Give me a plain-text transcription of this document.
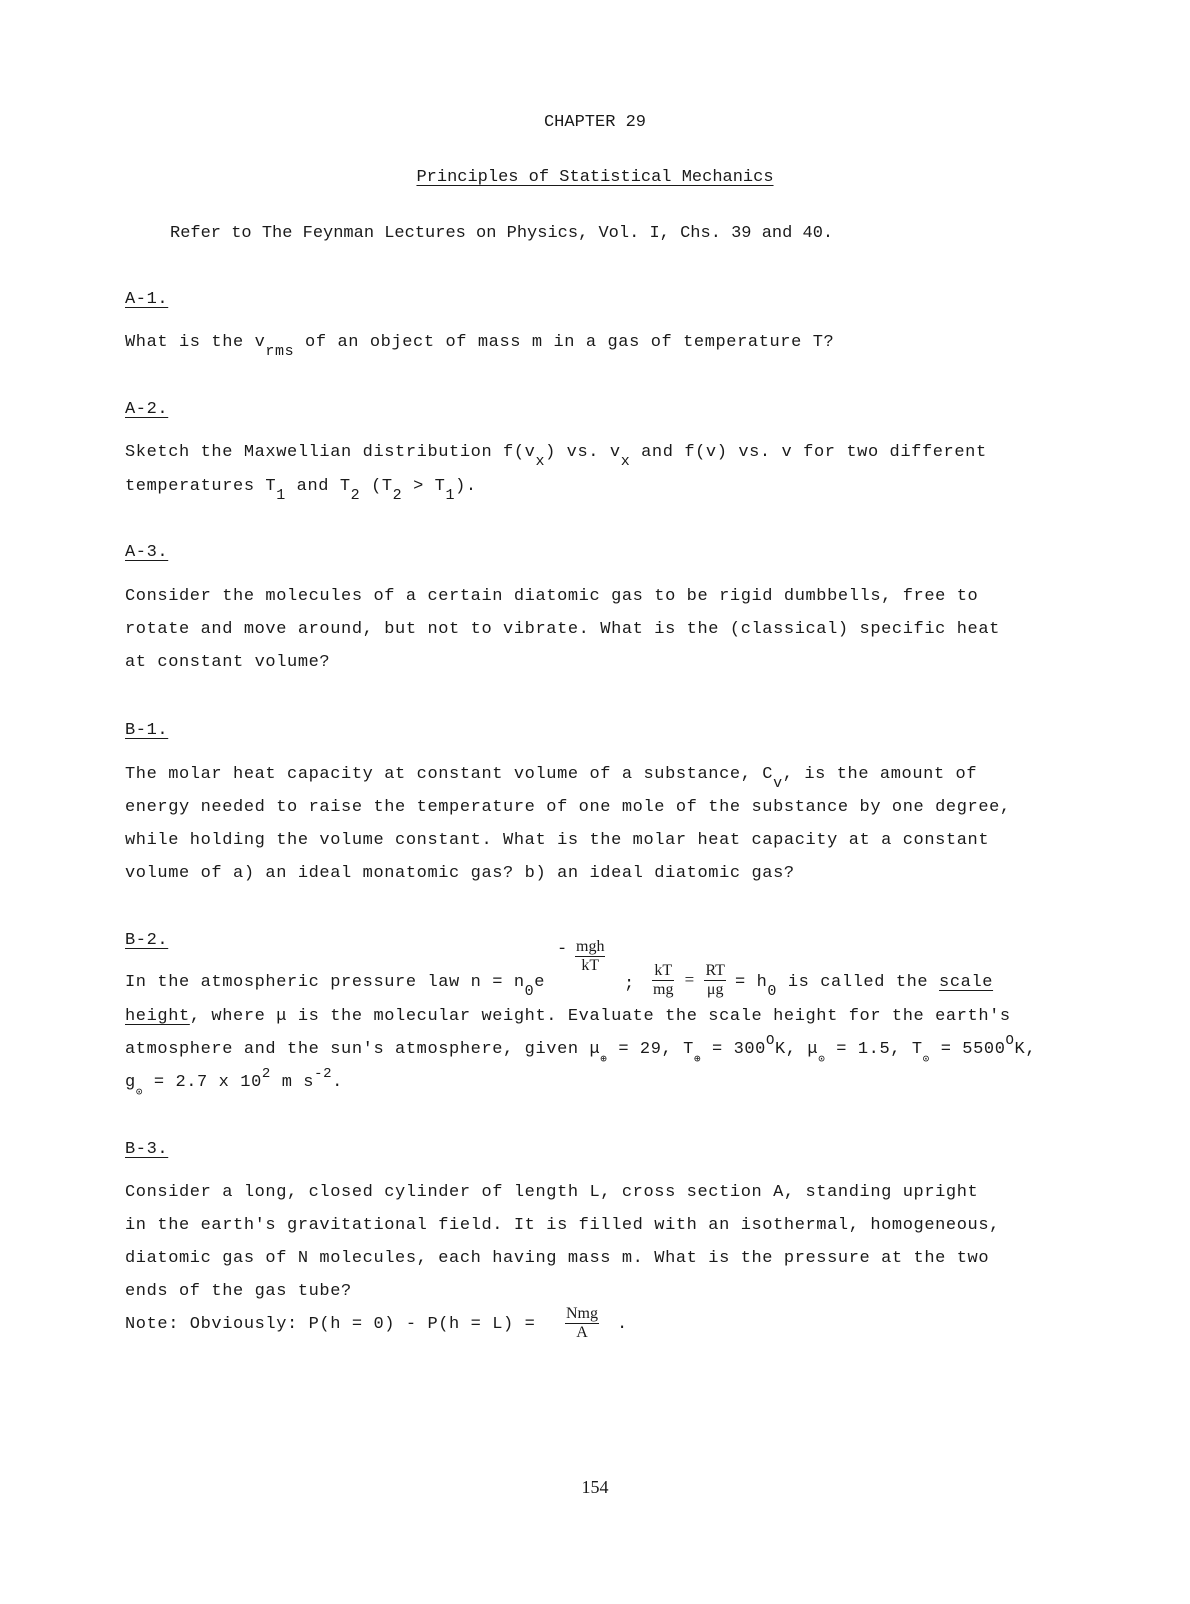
CHAPTER 29
Principles of Statistical Mechanics
Refer to The Feynman Lectures on Physics, Vol. I, Chs. 39 and 40.
A-1.
What is the vrms of an object of mass m in a gas of temperature T?
A-2.
Sketch the Maxwellian distribution f(vx) vs. vx and f(v) vs. v for two different
temperatures T1 and T2 (T2 > T1).
A-3.
Consider the molecules of a certain diatomic gas to be rigid dumbbells, free to
rotate and move around, but not to vibrate. What is the (classical) specific heat
at constant volume?
B-1.
The molar heat capacity at constant volume of a substance, Cv, is the amount of
energy needed to raise the temperature of one mole of the substance by one degree,
while holding the volume constant. What is the molar heat capacity at a constant
volume of a) an ideal monatomic gas? b) an ideal diatomic gas?
B-2.	- $\frac{\text{mgh}}{kT}$
In the atmospheric pressure law n = n0e	; $\frac{kT}{mg} = \frac{RT}{\mu g} = h0$ is called the scale
height, where μ is the molecular weight. Evaluate the scale height for the earth's
atmosphere and the sun's atmosphere, given $\mu_\oplus = 29$, $T_\oplus = 300^OK$, $\mu_⊙ = 1.5$, $T_⊙ = 5500^OK$,
$g_⊙ = 2.7$ x $10^2$ m $s^{-2}$.
B-3.
Consider a long, closed cylinder of length L, cross section A, standing upright
in the earth's gravitational field. It is filled with an isothermal, homogeneous,
diatomic gas of N molecules, each having mass m. What is the pressure at the two
ends of the gas tube?
Note: Obviously: $P(h = 0) - P(h = L) = \frac{\text{Nmg}}{A}$ .
154
